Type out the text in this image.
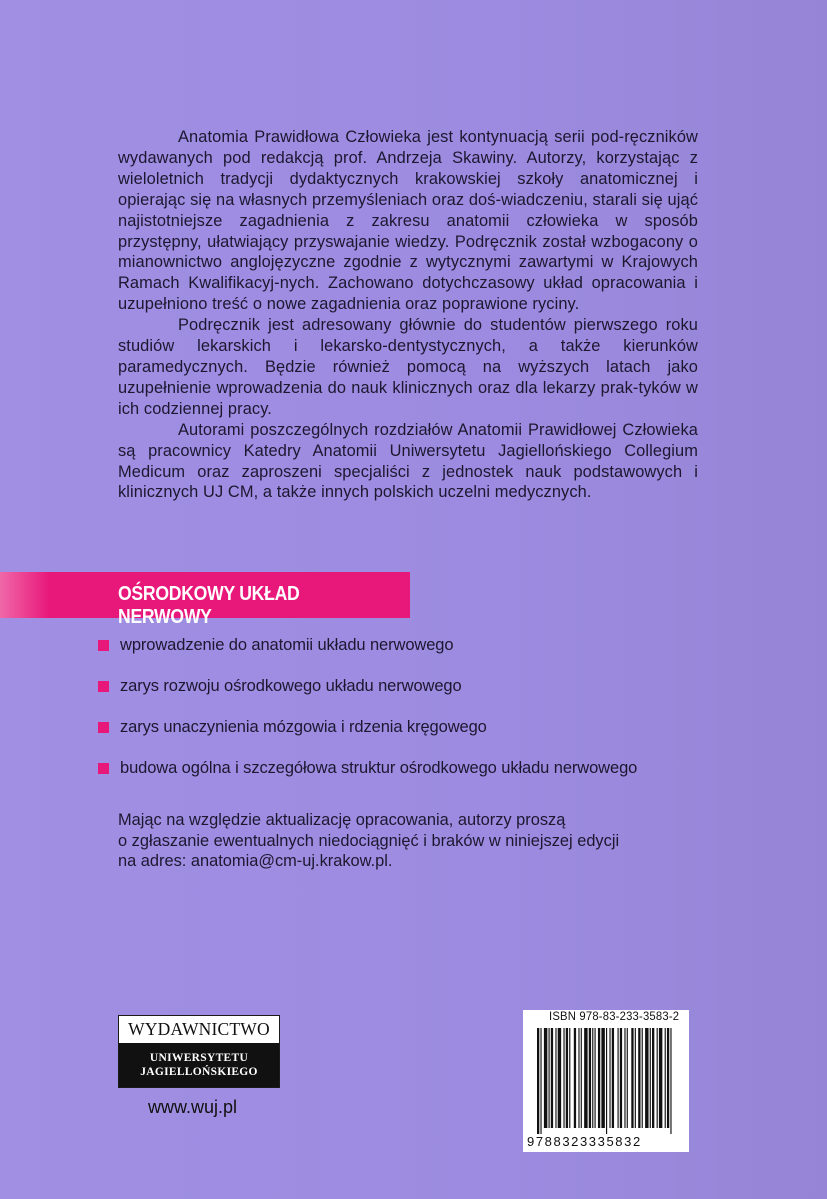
Anatomia Prawidłowa Człowieka jest kontynuacją serii pod-ręczników wydawanych pod redakcją prof. Andrzeja Skawiny. Autorzy, korzystając z wieloletnich tradycji dydaktycznych krakowskiej szkoły anatomicznej i opierając się na własnych przemyśleniach oraz doś-wiadczeniu, starali się ująć najistotniejsze zagadnienia z zakresu anatomii człowieka w sposób przystępny, ułatwiający przyswajanie wiedzy. Podręcznik został wzbogacony o mianownictwo anglojęzyczne zgodnie z wytycznymi zawartymi w Krajowych Ramach Kwalifikacyj-nych. Zachowano dotychczasowy układ opracowania i uzupełniono treść o nowe zagadnienia oraz poprawione ryciny.

Podręcznik jest adresowany głównie do studentów pierwszego roku studiów lekarskich i lekarsko-dentystycznych, a także kierunków paramedycznych. Będzie również pomocą na wyższych latach jako uzupełnienie wprowadzenia do nauk klinicznych oraz dla lekarzy prak-tyków w ich codziennej pracy.

Autorami poszczególnych rozdziałów Anatomii Prawidłowej Człowieka są pracownicy Katedry Anatomii Uniwersytetu Jagiellońskiego Collegium Medicum oraz zaproszeni specjaliści z jednostek nauk podstawowych i klinicznych UJ CM, a także innych polskich uczelni medycznych.

OŚRODKOWY UKŁAD NERWOWY
wprowadzenie do anatomii układu nerwowego
zarys rozwoju ośrodkowego układu nerwowego
zarys unaczynienia mózgowia i rdzenia kręgowego
budowa ogólna i szczegółowa struktur ośrodkowego układu nerwowego
Mając na względzie aktualizację opracowania, autorzy proszą
o zgłaszanie ewentualnych niedociągnięć i braków w niniejszej edycji
na adres: anatomia@cm-uj.krakow.pl.
WYDAWNICTWO
UNIWERSYTETU
JAGIELLOŃSKIEGO
www.wuj.pl
ISBN 978-83-233-3583-2
9788323335832
